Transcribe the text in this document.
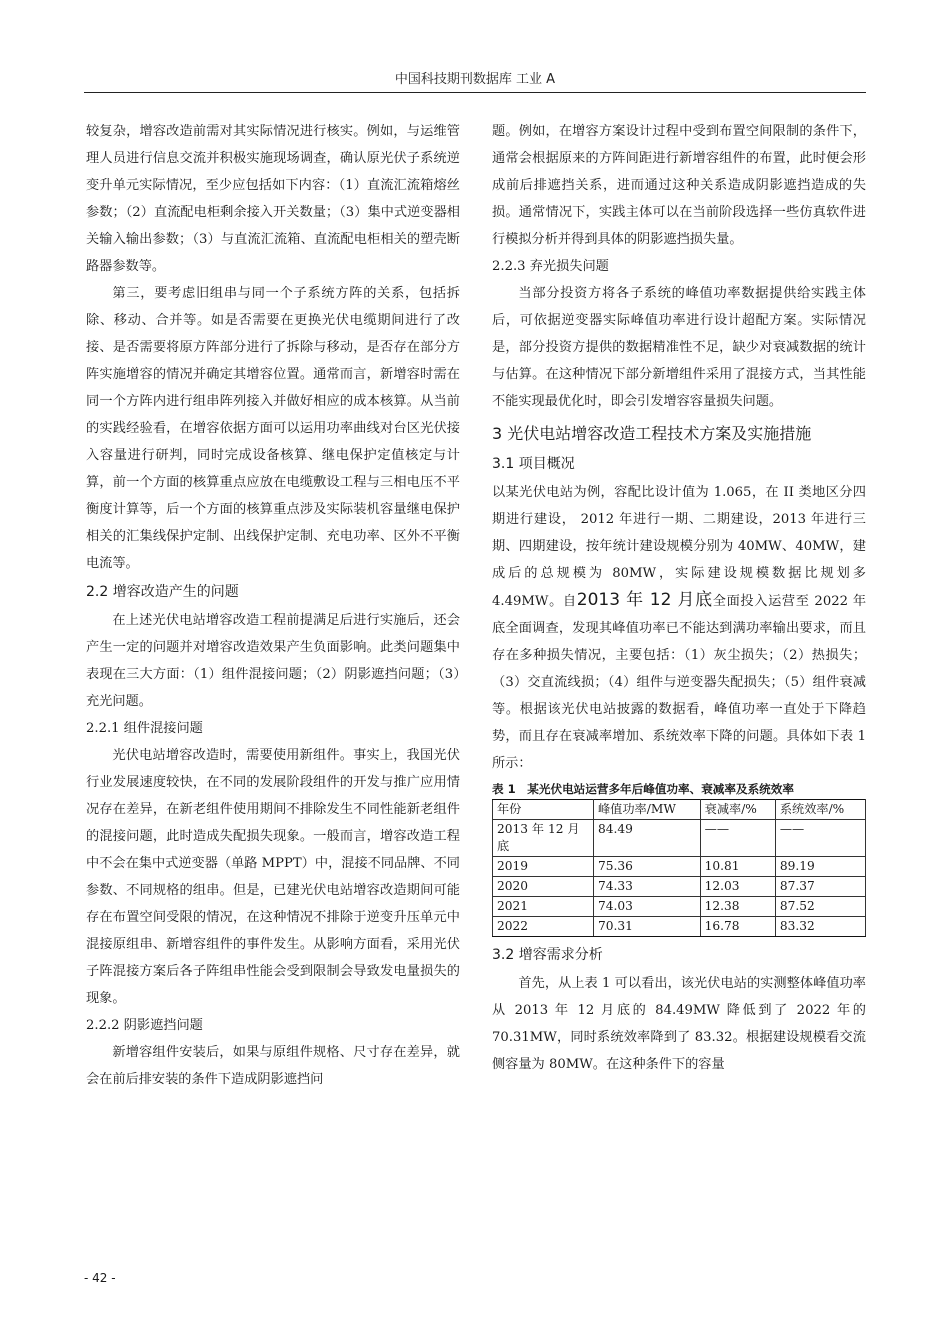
中国科技期刊数据库 工业 A

较复杂，增容改造前需对其实际情况进行核实。例如，与运维管理人员进行信息交流并积极实施现场调查，确认原光伏子系统逆变升单元实际情况，至少应包括如下内容：（1）直流汇流箱熔丝参数；（2）直流配电柜剩余接入开关数量；（3）集中式逆变器相关输入输出参数；（3）与直流汇流箱、直流配电柜相关的塑壳断路器参数等。

第三，要考虑旧组串与同一个子系统方阵的关系，包括拆除、移动、合并等。如是否需要在更换光伏电缆期间进行了改接、是否需要将原方阵部分进行了拆除与移动，是否存在部分方阵实施增容的情况并确定其增容位置。通常而言，新增容时需在同一个方阵内进行组串阵列接入并做好相应的成本核算。从当前的实践经验看，在增容依据方面可以运用功率曲线对台区光伏接入容量进行研判，同时完成设备核算、继电保护定值核定与计算，前一个方面的核算重点应放在电缆敷设工程与三相电压不平衡度计算等，后一个方面的核算重点涉及实际装机容量继电保护相关的汇集线保护定制、出线保护定制、充电功率、区外不平衡电流等。

2.2 增容改造产生的问题

在上述光伏电站增容改造工程前提满足后进行实施后，还会产生一定的问题并对增容改造效果产生负面影响。此类问题集中表现在三大方面：（1）组件混接问题；（2）阴影遮挡问题；（3）充光问题。

2.2.1 组件混接问题

光伏电站增容改造时，需要使用新组件。事实上，我国光伏行业发展速度较快，在不同的发展阶段组件的开发与推广应用情况存在差异，在新老组件使用期间不排除发生不同性能新老组件的混接问题，此时造成失配损失现象。一般而言，增容改造工程中不会在集中式逆变器（单路 MPPT）中，混接不同品牌、不同参数、不同规格的组串。但是，已建光伏电站增容改造期间可能存在布置空间受限的情况，在这种情况不排除于逆变升压单元中混接原组串、新增容组件的事件发生。从影响方面看，采用光伏子阵混接方案后各子阵组串性能会受到限制会导致发电量损失的现象。

2.2.2 阴影遮挡问题

新增容组件安装后，如果与原组件规格、尺寸存在差异，就会在前后排安装的条件下造成阴影遮挡问

题。例如，在增容方案设计过程中受到布置空间限制的条件下，通常会根据原来的方阵间距进行新增容组件的布置，此时便会形成前后排遮挡关系，进而通过这种关系造成阴影遮挡造成的失损。通常情况下，实践主体可以在当前阶段选择一些仿真软件进行模拟分析并得到具体的阴影遮挡损失量。

2.2.3 弃光损失问题

当部分投资方将各子系统的峰值功率数据提供给实践主体后，可依据逆变器实际峰值功率进行设计超配方案。实际情况是，部分投资方提供的数据精准性不足，缺少对衰减数据的统计与估算。在这种情况下部分新增组件采用了混接方式，当其性能不能实现最优化时，即会引发增容容量损失问题。

3 光伏电站增容改造工程技术方案及实施措施
3.1 项目概况

以某光伏电站为例，容配比设计值为 1.065，在 II 类地区分四期进行建设， 2012 年进行一期、二期建设，2013 年进行三期、四期建设，按年统计建设规模分别为 40MW、40MW，建成后的总规模为 80MW，实际建设规模数据比规划多 4.49MW。自2013 年 12 月底全面投入运营至 2022 年底全面调查，发现其峰值功率已不能达到满功率输出要求，而且存在多种损失情况，主要包括：（1）灰尘损失；（2）热损失；（3）交直流线损；（4）组件与逆变器失配损失；（5）组件衰减等。根据该光伏电站披露的数据看，峰值功率一直处于下降趋势，而且存在衰减率增加、系统效率下降的问题。具体如下表 1 所示：

表 1　某光伏电站运营多年后峰值功率、衰减率及系统效率
年份	峰值功率/MW	衰减率/%	系统效率/%
2013 年 12 月底	84.49	——	——
2019	75.36	10.81	89.19
2020	74.33	12.03	87.37
2021	74.03	12.38	87.52
2022	70.31	16.78	83.32
3.2 增容需求分析

首先，从上表 1 可以看出，该光伏电站的实测整体峰值功率从 2013 年 12 月底的 84.49MW 降低到了 2022 年的 70.31MW，同时系统效率降到了 83.32。根据建设规模看交流侧容量为 80MW。在这种条件下的容量

- 42 -
